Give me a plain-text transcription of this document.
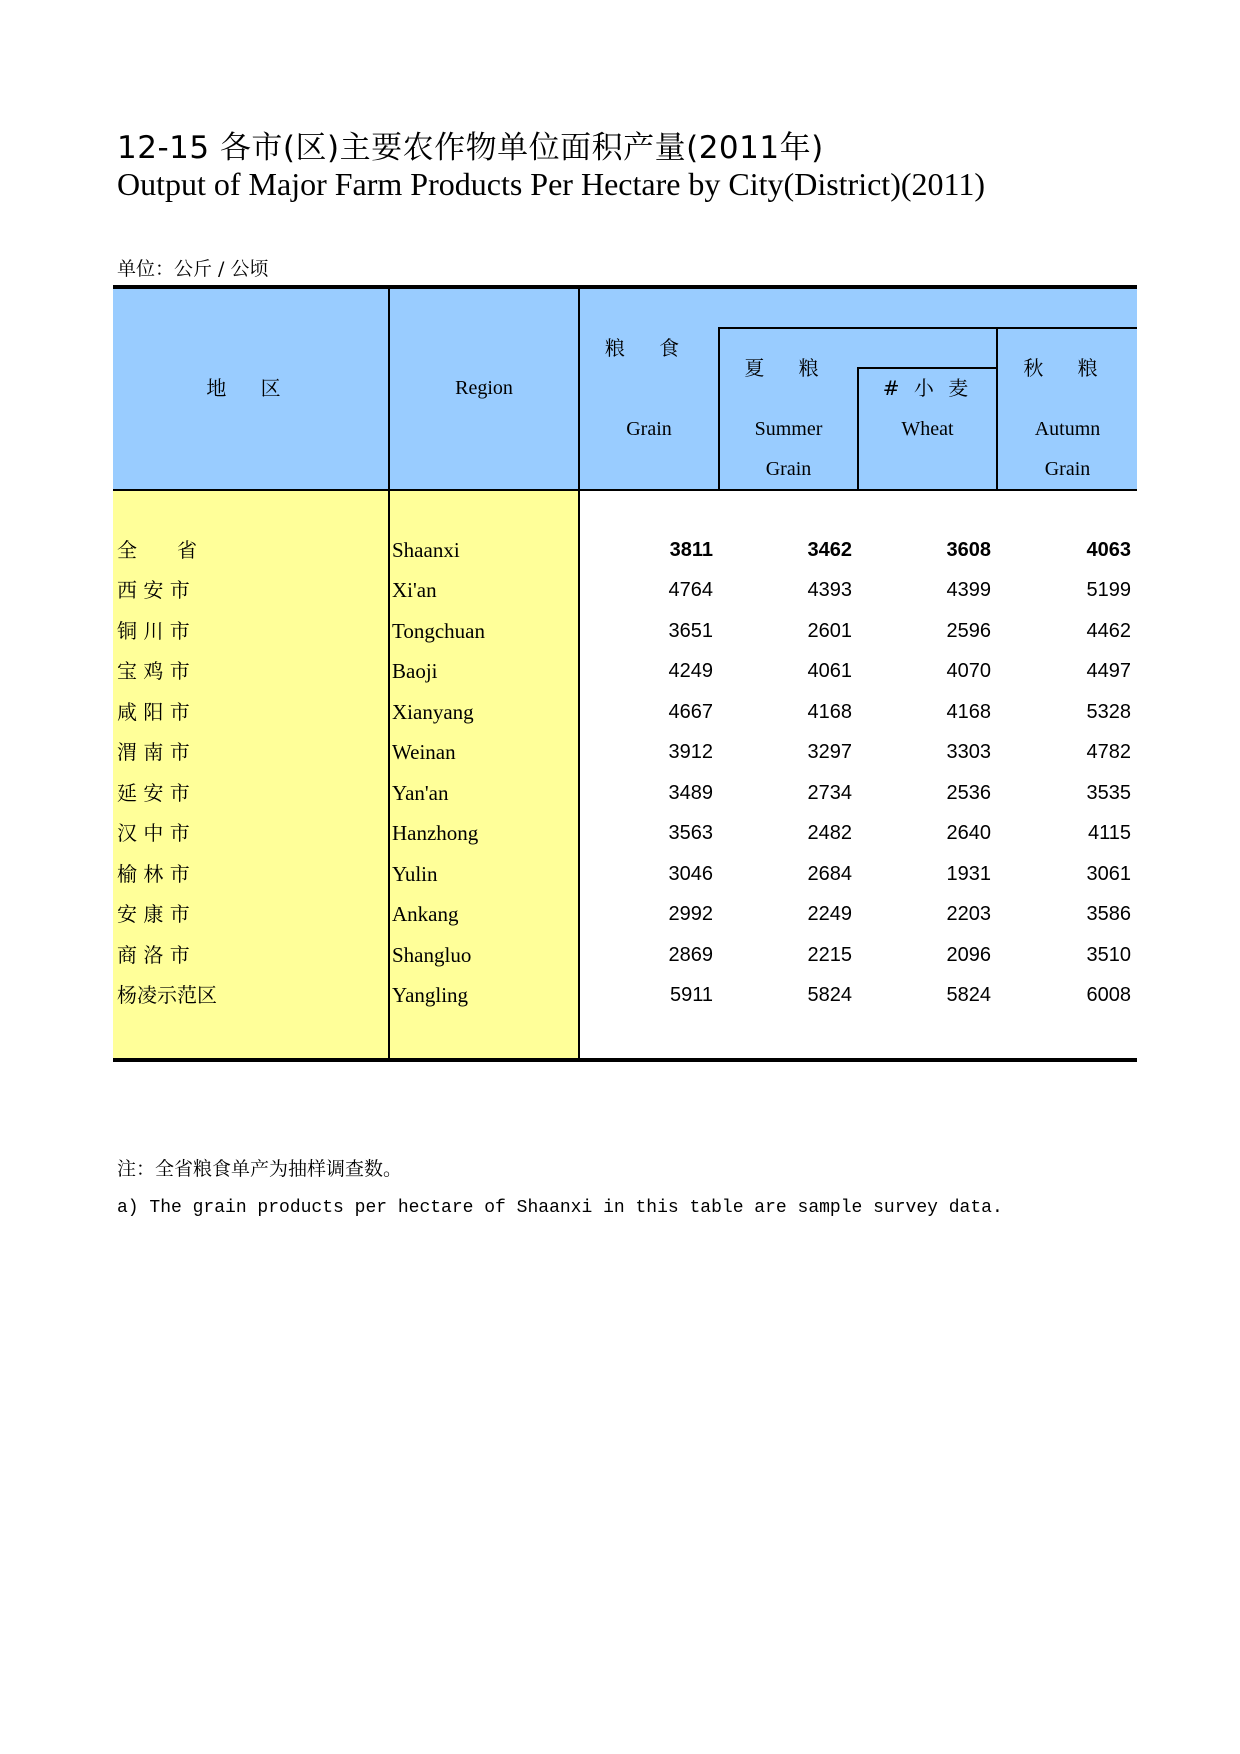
12-15 各市(区)主要农作物单位面积产量(2011年)
Output of Major Farm Products Per Hectare by City(District)(2011)
单位：公斤 / 公顷
地 区	Region
粮 食
Grain
夏 粮
Summer
Grain
# 小 麦
Wheat
秋 粮
Autumn
Grain
全　　省	Shaanxi	3811	3462	3608	4063
西 安 市	Xi'an	4764	4393	4399	5199
铜 川 市	Tongchuan	3651	2601	2596	4462
宝 鸡 市	Baoji	4249	4061	4070	4497
咸 阳 市	Xianyang	4667	4168	4168	5328
渭 南 市	Weinan	3912	3297	3303	4782
延 安 市	Yan'an	3489	2734	2536	3535
汉 中 市	Hanzhong	3563	2482	2640	4115
榆 林 市	Yulin	3046	2684	1931	3061
安 康 市	Ankang	2992	2249	2203	3586
商 洛 市	Shangluo	2869	2215	2096	3510
杨凌示范区	Yangling	5911	5824	5824	6008
注：全省粮食单产为抽样调查数。
a) The grain products per hectare of Shaanxi in this table are sample survey data.
